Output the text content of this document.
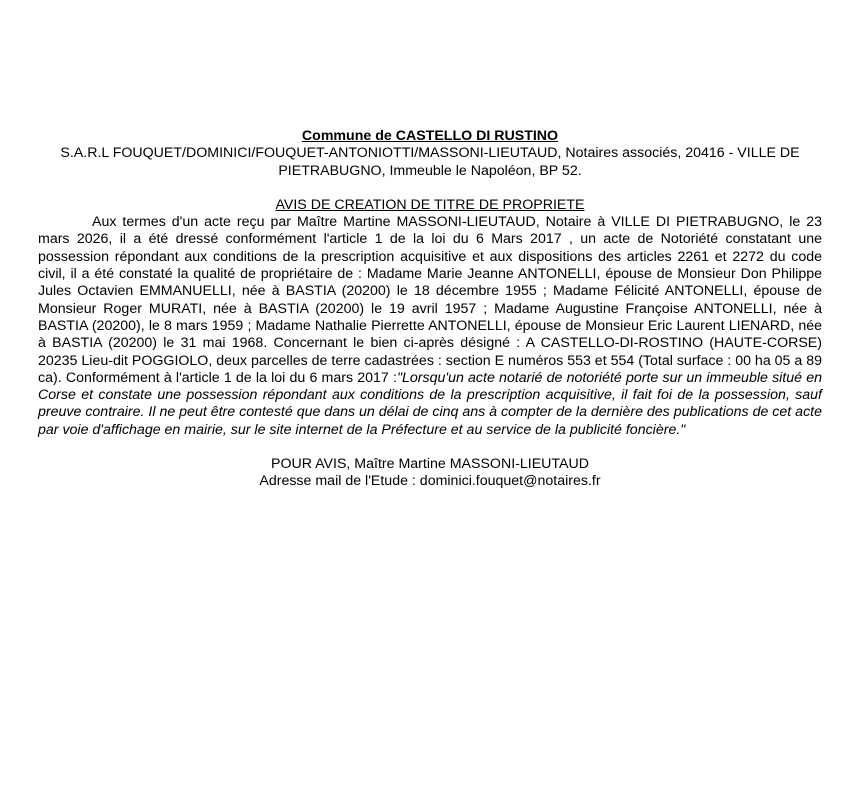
Commune de CASTELLO DI RUSTINO
S.A.R.L FOUQUET/DOMINICI/FOUQUET-ANTONIOTTI/MASSONI-LIEUTAUD, Notaires associés, 20416 - VILLE DE PIETRABUGNO, Immeuble le Napoléon, BP 52.
AVIS DE CREATION DE TITRE DE PROPRIETE
Aux termes d'un acte reçu par Maître Martine MASSONI-LIEUTAUD, Notaire à VILLE DI PIETRABUGNO, le 23 mars 2026, il a été dressé conformément l'article 1 de la loi du 6 Mars 2017 , un acte de Notoriété constatant une possession répondant aux conditions de la prescription acquisitive et aux dispositions des articles 2261 et 2272 du code civil, il a été constaté la qualité de propriétaire de : Madame Marie Jeanne ANTONELLI, épouse de Monsieur Don Philippe Jules Octavien EMMANUELLI, née à BASTIA (20200) le 18 décembre 1955 ; Madame Félicité ANTONELLI, épouse de Monsieur Roger MURATI, née à BASTIA (20200) le 19 avril 1957 ; Madame Augustine Françoise ANTONELLI, née à BASTIA (20200), le 8 mars 1959 ; Madame Nathalie Pierrette ANTONELLI, épouse de Monsieur Eric Laurent LIENARD, née à BASTIA (20200) le 31 mai 1968. Concernant le bien ci-après désigné : A CASTELLO-DI-ROSTINO (HAUTE-CORSE) 20235 Lieu-dit POGGIOLO, deux parcelles de terre cadastrées : section E numéros 553 et 554 (Total surface : 00 ha 05 a 89 ca). Conformément à l'article 1 de la loi du 6 mars 2017 :"Lorsqu'un acte notarié de notoriété porte sur un immeuble situé en Corse et constate une possession répondant aux conditions de la prescription acquisitive, il fait foi de la possession, sauf preuve contraire. Il ne peut être contesté que dans un délai de cinq ans à compter de la dernière des publications de cet acte par voie d'affichage en mairie, sur le site internet de la Préfecture et au service de la publicité foncière."
POUR AVIS, Maître Martine MASSONI-LIEUTAUD
Adresse mail de l'Etude : dominici.fouquet@notaires.fr
